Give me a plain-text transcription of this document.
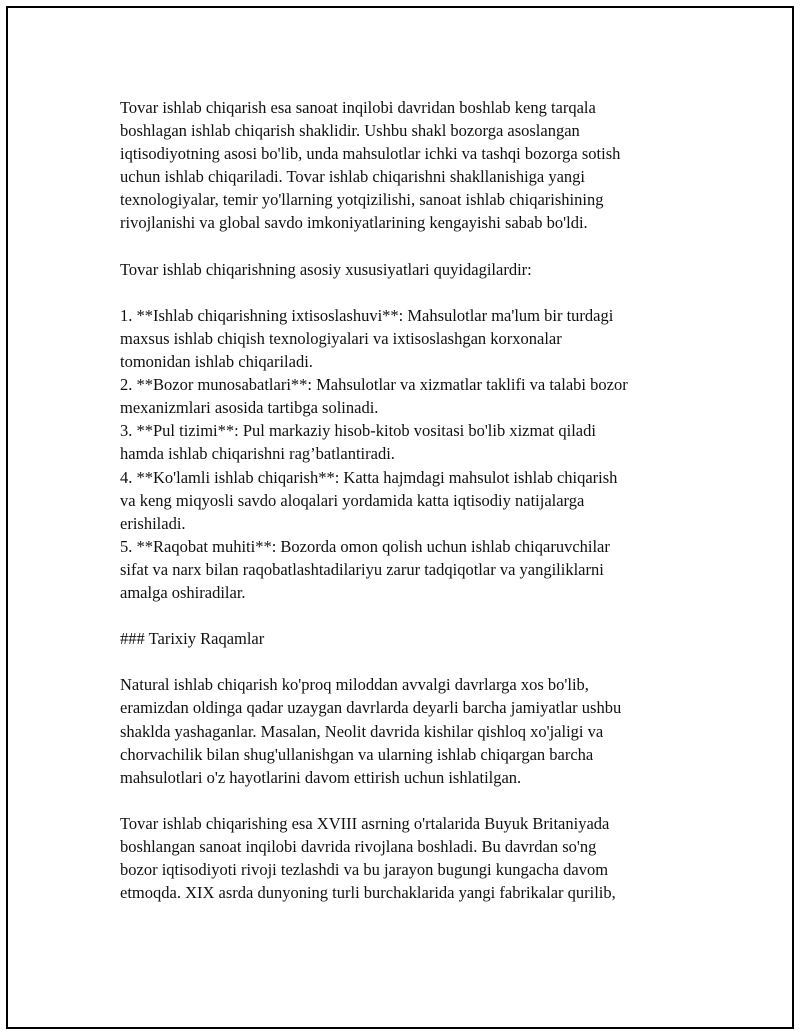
Tovar ishlab chiqarish esa sanoat inqilobi davridan boshlab keng tarqala
boshlagan ishlab chiqarish shaklidir. Ushbu shakl bozorga asoslangan
iqtisodiyotning asosi bo'lib, unda mahsulotlar ichki va tashqi bozorga sotish
uchun ishlab chiqariladi. Tovar ishlab chiqarishni shakllanishiga yangi
texnologiyalar, temir yo'llarning yotqizilishi, sanoat ishlab chiqarishining
rivojlanishi va global savdo imkoniyatlarining kengayishi sabab bo'ldi.

Tovar ishlab chiqarishning asosiy xususiyatlari quyidagilardir:

1. **Ishlab chiqarishning ixtisoslashuvi**: Mahsulotlar ma'lum bir turdagi
maxsus ishlab chiqish texnologiyalari va ixtisoslashgan korxonalar
tomonidan ishlab chiqariladi.

2. **Bozor munosabatlari**: Mahsulotlar va xizmatlar taklifi va talabi bozor
mexanizmlari asosida tartibga solinadi.

3. **Pul tizimi**: Pul markaziy hisob-kitob vositasi bo'lib xizmat qiladi
hamda ishlab chiqarishni rag’batlantiradi.

4. **Ko'lamli ishlab chiqarish**: Katta hajmdagi mahsulot ishlab chiqarish
va keng miqyosli savdo aloqalari yordamida katta iqtisodiy natijalarga
erishiladi.

5. **Raqobat muhiti**: Bozorda omon qolish uchun ishlab chiqaruvchilar
sifat va narx bilan raqobatlashtadilariyu zarur tadqiqotlar va yangiliklarni
amalga oshiradilar.

### Tarixiy Raqamlar

Natural ishlab chiqarish ko'proq miloddan avvalgi davrlarga xos bo'lib,
eramizdan oldinga qadar uzaygan davrlarda deyarli barcha jamiyatlar ushbu
shaklda yashaganlar. Masalan, Neolit davrida kishilar qishloq xo'jaligi va
chorvachilik bilan shug'ullanishgan va ularning ishlab chiqargan barcha
mahsulotlari o'z hayotlarini davom ettirish uchun ishlatilgan.

Tovar ishlab chiqarishing esa XVIII asrning o'rtalarida Buyuk Britaniyada
boshlangan sanoat inqilobi davrida rivojlana boshladi. Bu davrdan so'ng
bozor iqtisodiyoti rivoji tezlashdi va bu jarayon bugungi kungacha davom
etmoqda. XIX asrda dunyoning turli burchaklarida yangi fabrikalar qurilib,
